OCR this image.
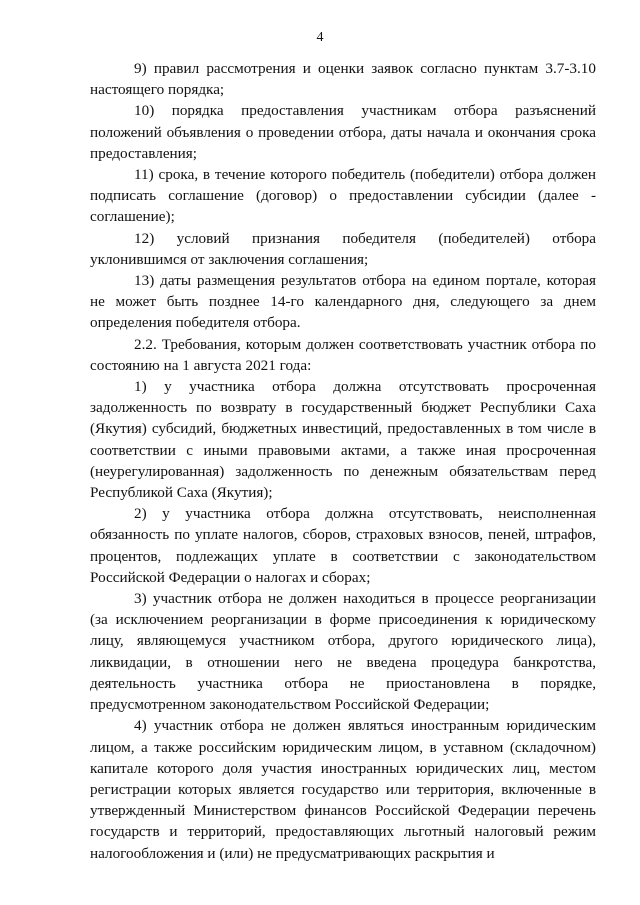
4

9) правил рассмотрения и оценки заявок согласно пунктам 3.7-3.10 настоящего порядка;

10) порядка предоставления участникам отбора разъяснений положений объявления о проведении отбора, даты начала и окончания срока предоставления;

11) срока, в течение которого победитель (победители) отбора должен подписать соглашение (договор) о предоставлении субсидии (далее - соглашение);

12) условий признания победителя (победителей) отбора уклонившимся от заключения соглашения;

13) даты размещения результатов отбора на едином портале, которая не может быть позднее 14-го календарного дня, следующего за днем определения победителя отбора.

2.2. Требования, которым должен соответствовать участник отбора по состоянию на 1 августа 2021 года:

1) у участника отбора должна отсутствовать просроченная задолженность по возврату в государственный бюджет Республики Саха (Якутия) субсидий, бюджетных инвестиций, предоставленных в том числе в соответствии с иными правовыми актами, а также иная просроченная (неурегулированная) задолженность по денежным обязательствам перед Республикой Саха (Якутия);

2) у участника отбора должна отсутствовать, неисполненная обязанность по уплате налогов, сборов, страховых взносов, пеней, штрафов, процентов, подлежащих уплате в соответствии с законодательством Российской Федерации о налогах и сборах;

3) участник отбора не должен находиться в процессе реорганизации (за исключением реорганизации в форме присоединения к юридическому лицу, являющемуся участником отбора, другого юридического лица), ликвидации, в отношении него не введена процедура банкротства, деятельность участника отбора не приостановлена в порядке, предусмотренном законодательством Российской Федерации;

4) участник отбора не должен являться иностранным юридическим лицом, а также российским юридическим лицом, в уставном (складочном) капитале которого доля участия иностранных юридических лиц, местом регистрации которых является государство или территория, включенные в утвержденный Министерством финансов Российской Федерации перечень государств и территорий, предоставляющих льготный налоговый режим налогообложения и (или) не предусматривающих раскрытия и
